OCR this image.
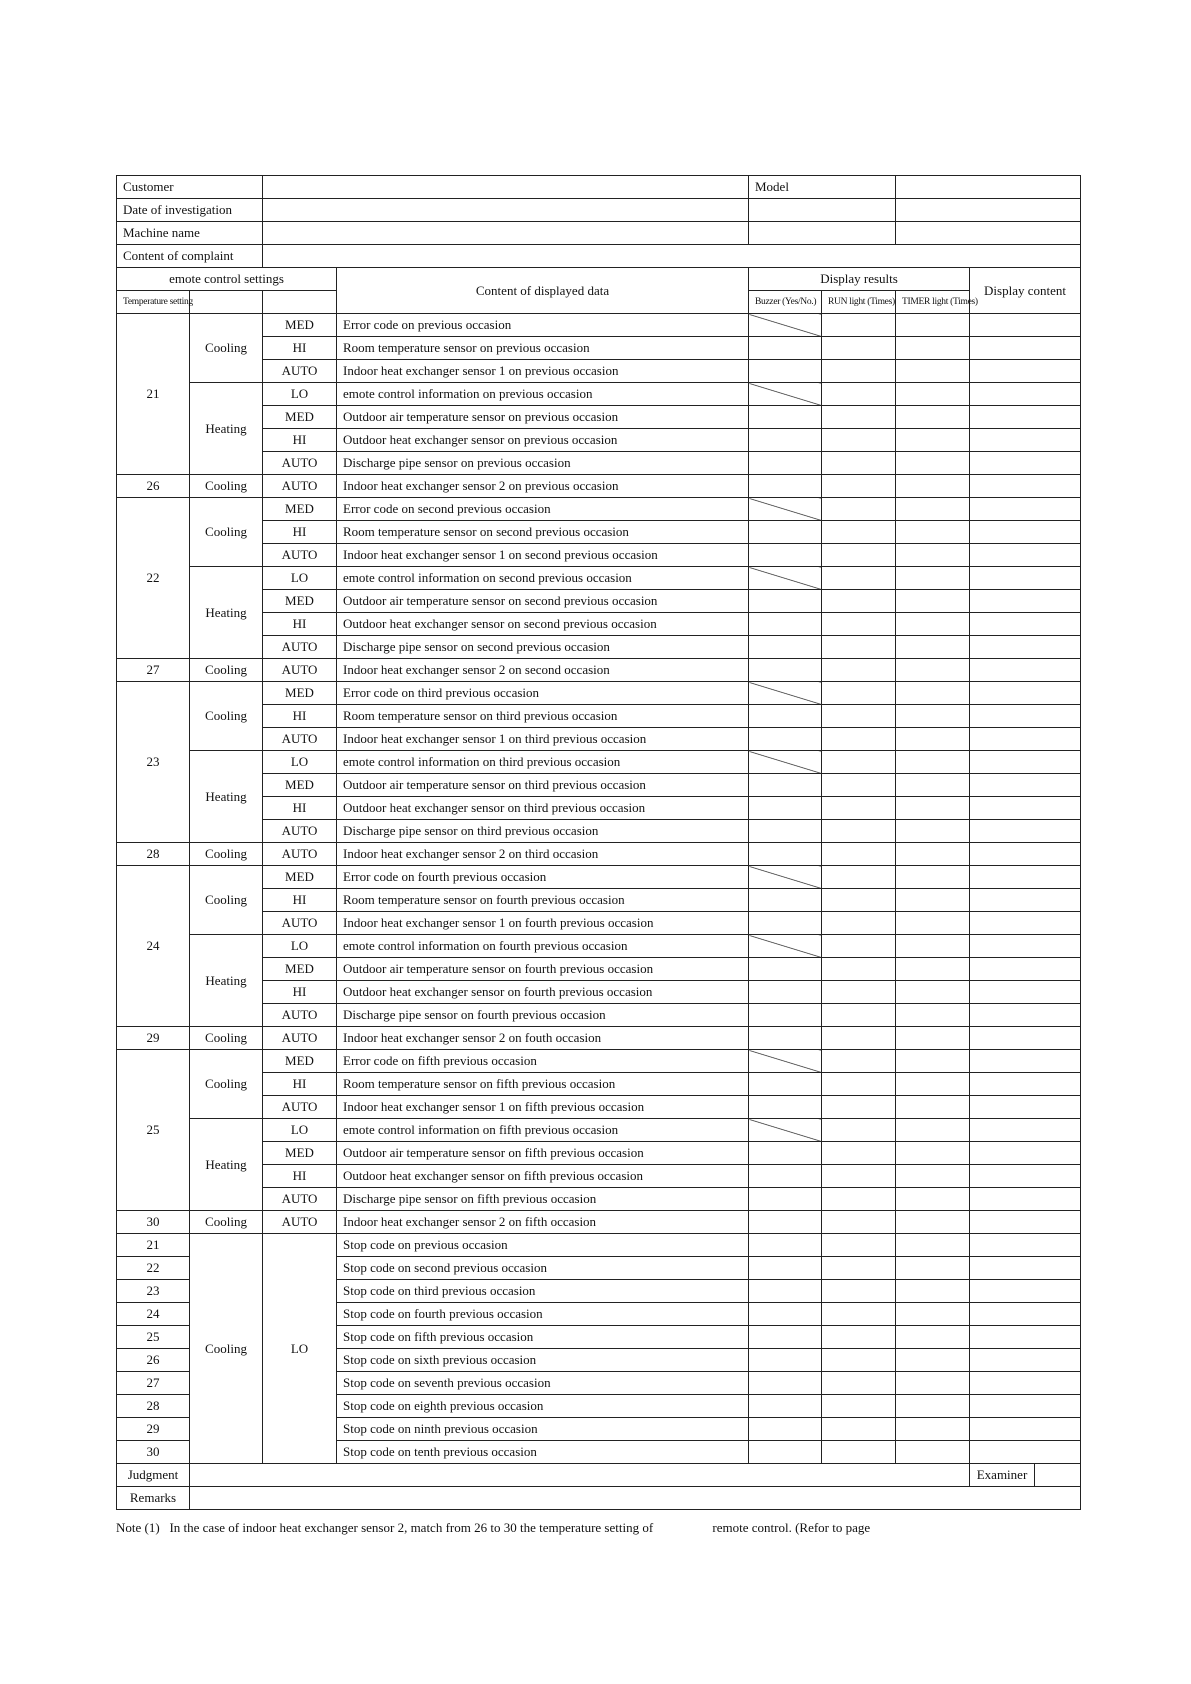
Customer				Model				
Date of investigation								
Machine name								
Content of complaint								
emote control settings			Content of displayed data	Display results			Display content	
Temperature setting				Buzzer (Yes/No.)	RUN light (Times)	TIMER light (Times)		
21	Cooling	MED	Error code on previous occasion					
		HI	Room temperature sensor on previous occasion					
		AUTO	Indoor heat exchanger sensor 1 on previous occasion					
	Heating	LO	emote control information on previous occasion					
		MED	Outdoor air temperature sensor on previous occasion					
		HI	Outdoor heat exchanger sensor on previous occasion					
		AUTO	Discharge pipe sensor on previous occasion					
26	Cooling	AUTO	Indoor heat exchanger sensor 2 on previous occasion					
22	Cooling	MED	Error code on second previous occasion					
		HI	Room temperature sensor on second previous occasion					
		AUTO	Indoor heat exchanger sensor 1 on second previous occasion					
	Heating	LO	emote control information on second previous occasion					
		MED	Outdoor air temperature sensor on second previous occasion					
		HI	Outdoor heat exchanger sensor on second previous occasion					
		AUTO	Discharge pipe sensor on second previous occasion					
27	Cooling	AUTO	Indoor heat exchanger sensor 2 on second occasion					
23	Cooling	MED	Error code on third previous occasion					
		HI	Room temperature sensor on third previous occasion					
		AUTO	Indoor heat exchanger sensor 1 on third previous occasion					
	Heating	LO	emote control information on third previous occasion					
		MED	Outdoor air temperature sensor on third previous occasion					
		HI	Outdoor heat exchanger sensor on third previous occasion					
		AUTO	Discharge pipe sensor on third previous occasion					
28	Cooling	AUTO	Indoor heat exchanger sensor 2 on third occasion					
24	Cooling	MED	Error code on fourth previous occasion					
		HI	Room temperature sensor on fourth previous occasion					
		AUTO	Indoor heat exchanger sensor 1 on fourth previous occasion					
	Heating	LO	emote control information on fourth previous occasion					
		MED	Outdoor air temperature sensor on fourth previous occasion					
		HI	Outdoor heat exchanger sensor on fourth previous occasion					
		AUTO	Discharge pipe sensor on fourth previous occasion					
29	Cooling	AUTO	Indoor heat exchanger sensor 2 on fouth occasion					
25	Cooling	MED	Error code on fifth previous occasion					
		HI	Room temperature sensor on fifth previous occasion					
		AUTO	Indoor heat exchanger sensor 1 on fifth previous occasion					
	Heating	LO	emote control information on fifth previous occasion					
		MED	Outdoor air temperature sensor on fifth previous occasion					
		HI	Outdoor heat exchanger sensor on fifth previous occasion					
		AUTO	Discharge pipe sensor on fifth previous occasion					
30	Cooling	AUTO	Indoor heat exchanger sensor 2 on fifth occasion					
21	Cooling	LO	Stop code on previous occasion					
22			Stop code on second previous occasion					
23			Stop code on third previous occasion					
24			Stop code on fourth previous occasion					
25			Stop code on fifth previous occasion					
26			Stop code on sixth previous occasion					
27			Stop code on seventh previous occasion					
28			Stop code on eighth previous occasion					
29			Stop code on ninth previous occasion					
30			Stop code on tenth previous occasion					
Judgment							Examiner	
Remarks								
Note (1) In the case of indoor heat exchanger sensor 2, match from 26 to 30 the temperature setting of	remote control. (Refor to page
